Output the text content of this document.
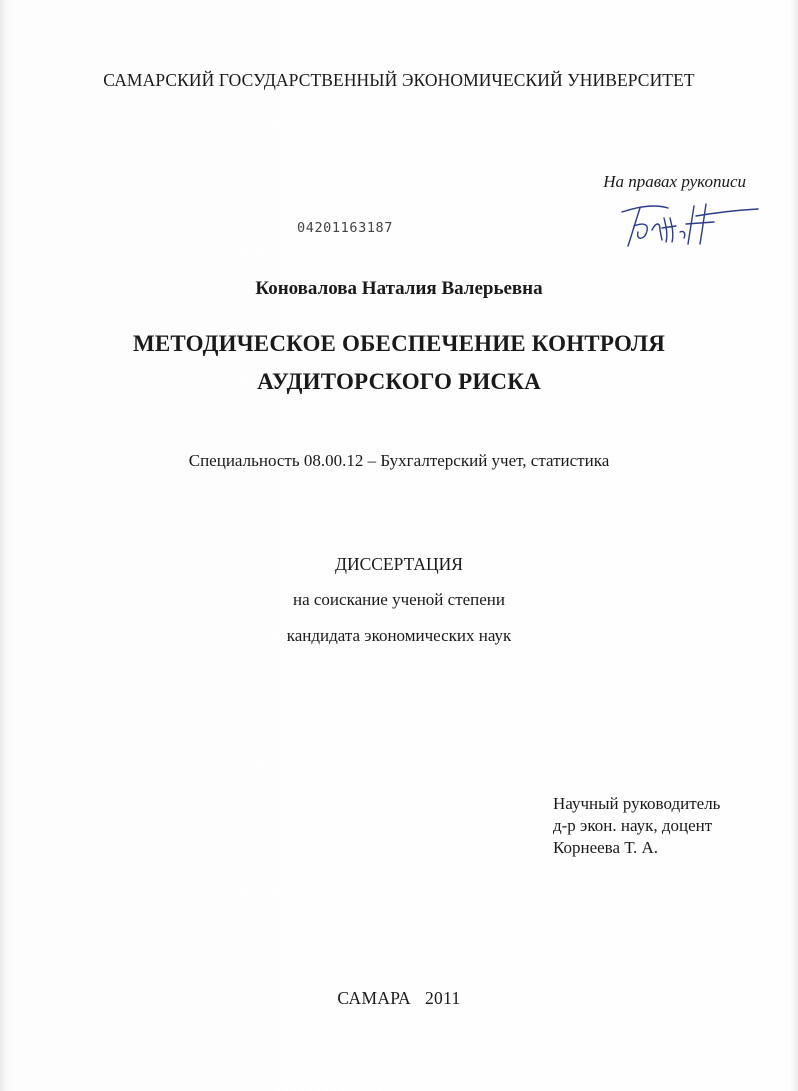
САМАРСКИЙ ГОСУДАРСТВЕННЫЙ ЭКОНОМИЧЕСКИЙ УНИВЕРСИТЕТ
На правах рукописи
04201163187
Коновалова Наталия Валерьевна
МЕТОДИЧЕСКОЕ ОБЕСПЕЧЕНИЕ КОНТРОЛЯ
АУДИТОРСКОГО РИСКА
Специальность 08.00.12 – Бухгалтерский учет, статистика
ДИССЕРТАЦИЯ
на соискание ученой степени
кандидата экономических наук
Научный руководитель
д-р экон. наук, доцент
Корнеева Т. А.
САМАРА 2011
